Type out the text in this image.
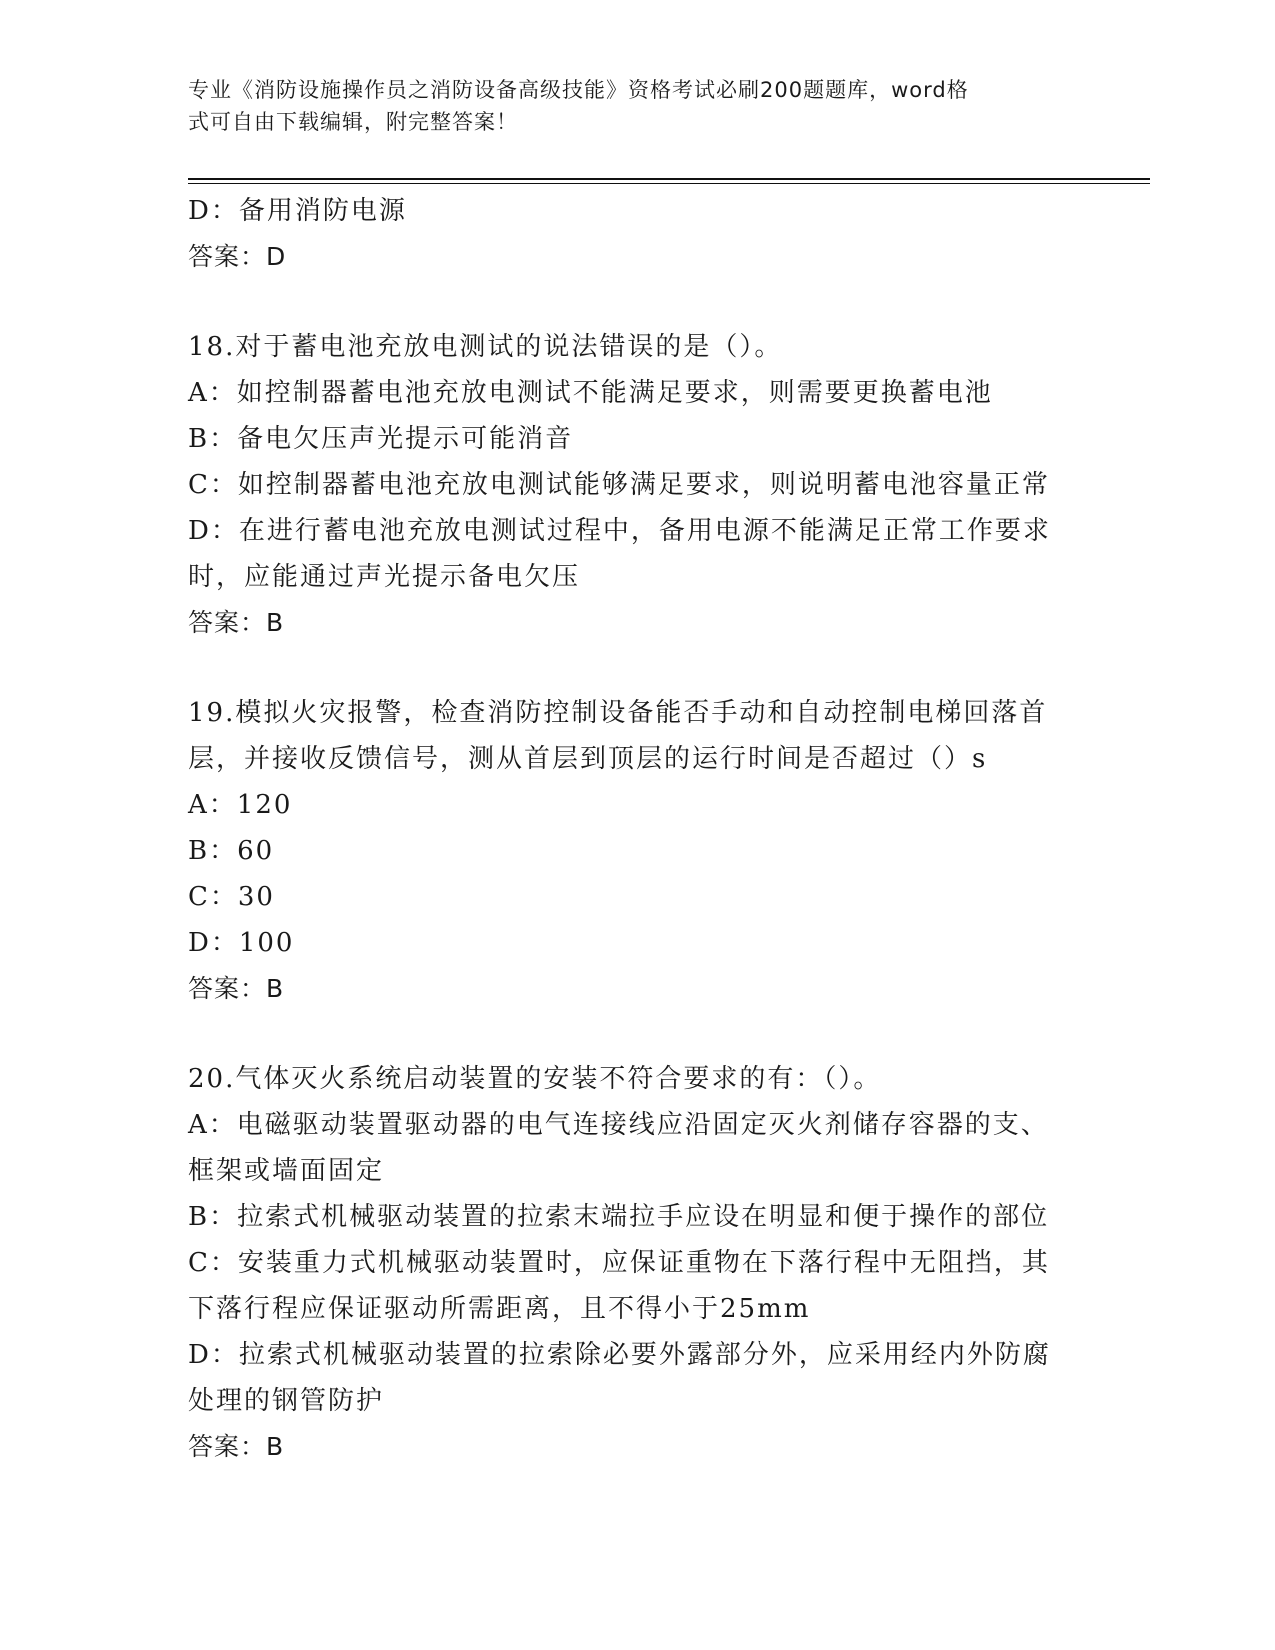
专业《消防设施操作员之消防设备高级技能》资格考试必刷200题题库，word格
式可自由下载编辑，附完整答案！
D：备用消防电源
答案：D
18.对于蓄电池充放电测试的说法错误的是（）。
A：如控制器蓄电池充放电测试不能满足要求，则需要更换蓄电池
B：备电欠压声光提示可能消音
C：如控制器蓄电池充放电测试能够满足要求，则说明蓄电池容量正常
D：在进行蓄电池充放电测试过程中，备用电源不能满足正常工作要求
时，应能通过声光提示备电欠压
答案：B
19.模拟火灾报警，检查消防控制设备能否手动和自动控制电梯回落首
层，并接收反馈信号，测从首层到顶层的运行时间是否超过（）s
A：120
B：60
C：30
D：100
答案：B
20.气体灭火系统启动装置的安装不符合要求的有：（）。
A：电磁驱动装置驱动器的电气连接线应沿固定灭火剂储存容器的支、
框架或墙面固定
B：拉索式机械驱动装置的拉索末端拉手应设在明显和便于操作的部位
C：安装重力式机械驱动装置时，应保证重物在下落行程中无阻挡，其
下落行程应保证驱动所需距离，且不得小于25mm
D：拉索式机械驱动装置的拉索除必要外露部分外，应采用经内外防腐
处理的钢管防护
答案：B
